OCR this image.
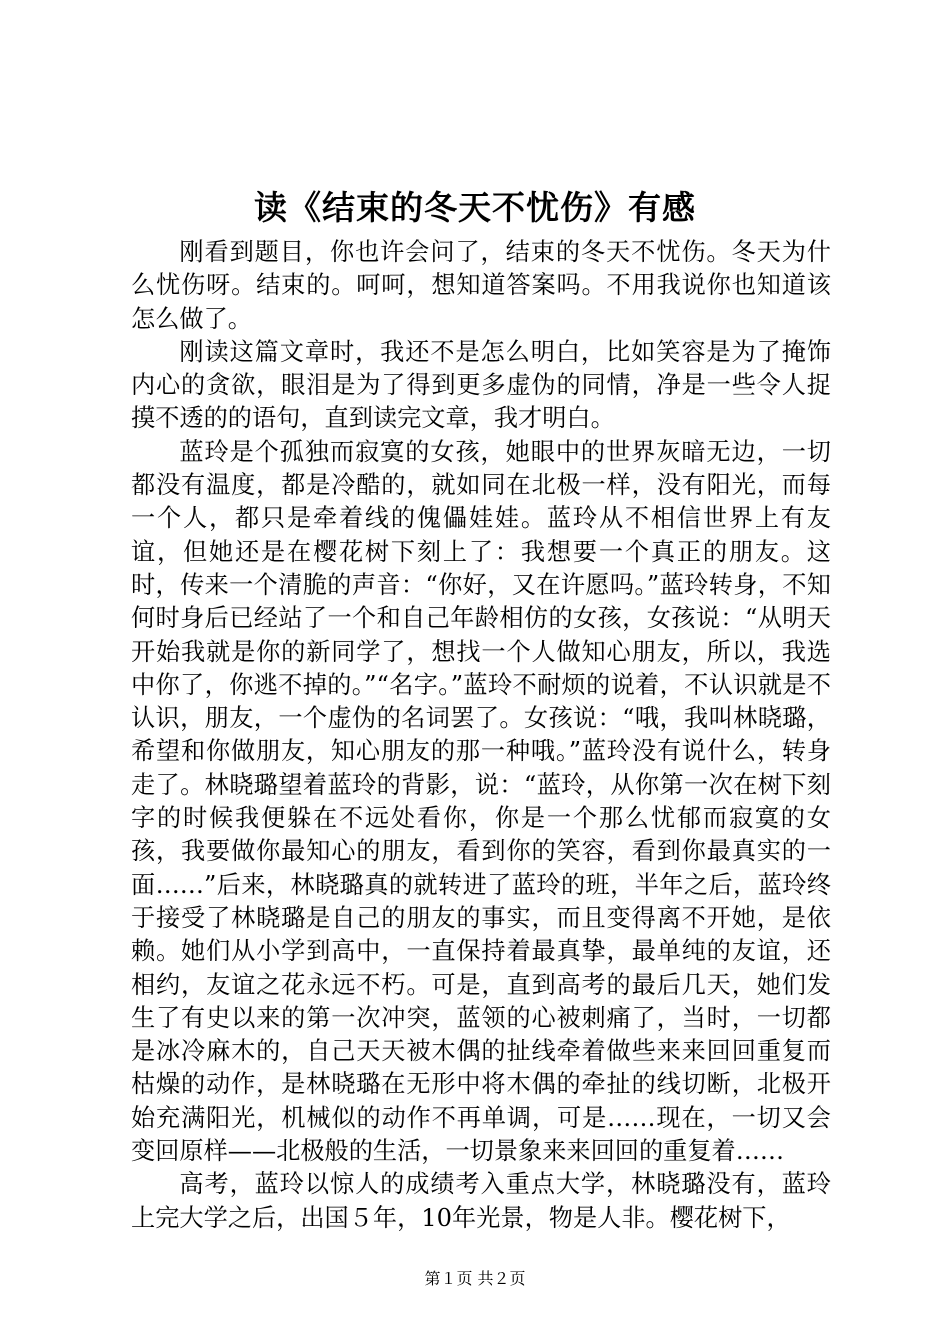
读《结束的冬天不忧伤》有感

刚看到题目，你也许会问了，结束的冬天不忧伤。冬天为什么忧伤呀。结束的。呵呵，想知道答案吗。不用我说你也知道该怎么做了。

刚读这篇文章时，我还不是怎么明白，比如笑容是为了掩饰内心的贪欲，眼泪是为了得到更多虚伪的同情，净是一些令人捉摸不透的的语句，直到读完文章，我才明白。

蓝玲是个孤独而寂寞的女孩，她眼中的世界灰暗无边，一切都没有温度，都是冷酷的，就如同在北极一样，没有阳光，而每一个人，都只是牵着线的傀儡娃娃。蓝玲从不相信世界上有友谊，但她还是在樱花树下刻上了：我想要一个真正的朋友。这时，传来一个清脆的声音：“你好，又在许愿吗。”蓝玲转身，不知何时身后已经站了一个和自己年龄相仿的女孩，女孩说：“从明天开始我就是你的新同学了，想找一个人做知心朋友，所以，我选中你了，你逃不掉的。”“名字。”蓝玲不耐烦的说着，不认识就是不认识，朋友，一个虚伪的名词罢了。女孩说：“哦，我叫林晓璐，希望和你做朋友，知心朋友的那一种哦。”蓝玲没有说什么，转身走了。林晓璐望着蓝玲的背影，说：“蓝玲，从你第一次在树下刻字的时候我便躲在不远处看你，你是一个那么忧郁而寂寞的女孩，我要做你最知心的朋友，看到你的笑容，看到你最真实的一面……”后来，林晓璐真的就转进了蓝玲的班，半年之后，蓝玲终于接受了林晓璐是自己的朋友的事实，而且变得离不开她，是依赖。她们从小学到高中，一直保持着最真挚，最单纯的友谊，还相约，友谊之花永远不朽。可是，直到高考的最后几天，她们发生了有史以来的第一次冲突，蓝领的心被刺痛了，当时，一切都是冰冷麻木的，自己天天被木偶的扯线牵着做些来来回回重复而枯燥的动作，是林晓璐在无形中将木偶的牵扯的线切断，北极开始充满阳光，机械似的动作不再单调，可是……现在，一切又会变回原样——北极般的生活，一切景象来来回回的重复着……

高考，蓝玲以惊人的成绩考入重点大学，林晓璐没有，蓝玲上完大学之后，出国５年，10年光景，物是人非。樱花树下，

第１页 共２页
